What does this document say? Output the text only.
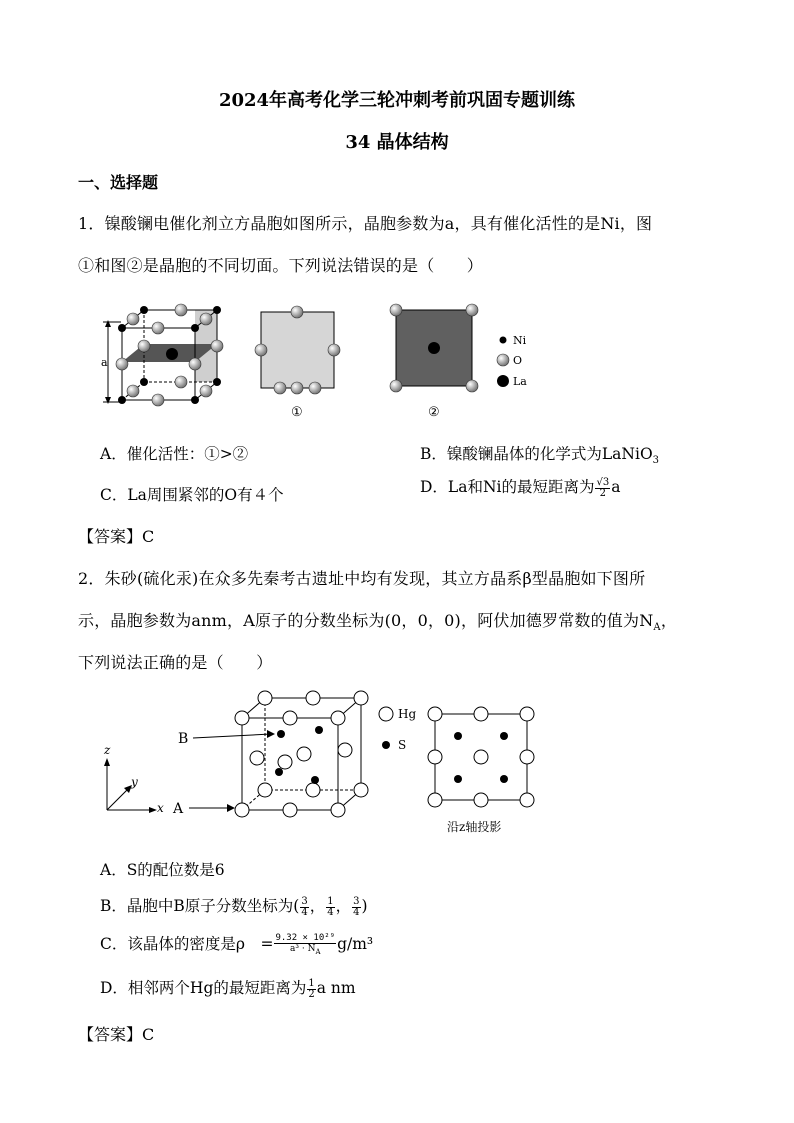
2024年高考化学三轮冲刺考前巩固专题训练
34 晶体结构
一、选择题
1．镍酸镧电催化剂立方晶胞如图所示，晶胞参数为a，具有催化活性的是Ni，图
①和图②是晶胞的不同切面。下列说法错误的是（　　）
a
①	②
Ni
O
La
A．催化活性：①>②	B．镍酸镧晶体的化学式为LaNiO$_3$
C．La周围紧邻的O有４个	D．La和Ni的最短距离为 $\frac{√3}{2}$ a
【答案】C
2．朱砂(硫化汞)在众多先秦考古遗址中均有发现，其立方晶系β型晶胞如下图所
示，晶胞参数为anm，A原子的分数坐标为(0，0，0)，阿伏加德罗常数的值为$N_A$，
下列说法正确的是（　　）
B
A
z
y
x
Hg
S
沿z轴投影
A．S的配位数是6
B．晶胞中B原子分数坐标为( $\frac{3}{4}$ ， $\frac{1}{4}$ ， $\frac{3}{4}$ )
C．该晶体的密度是ρ　= $\frac{\text{9.32 × 10²⁹}}{a^3 \cdot N_A} g/m^3$
D．相邻两个Hg的最短距离为 $\frac{1}{2}$ a nm
【答案】C
